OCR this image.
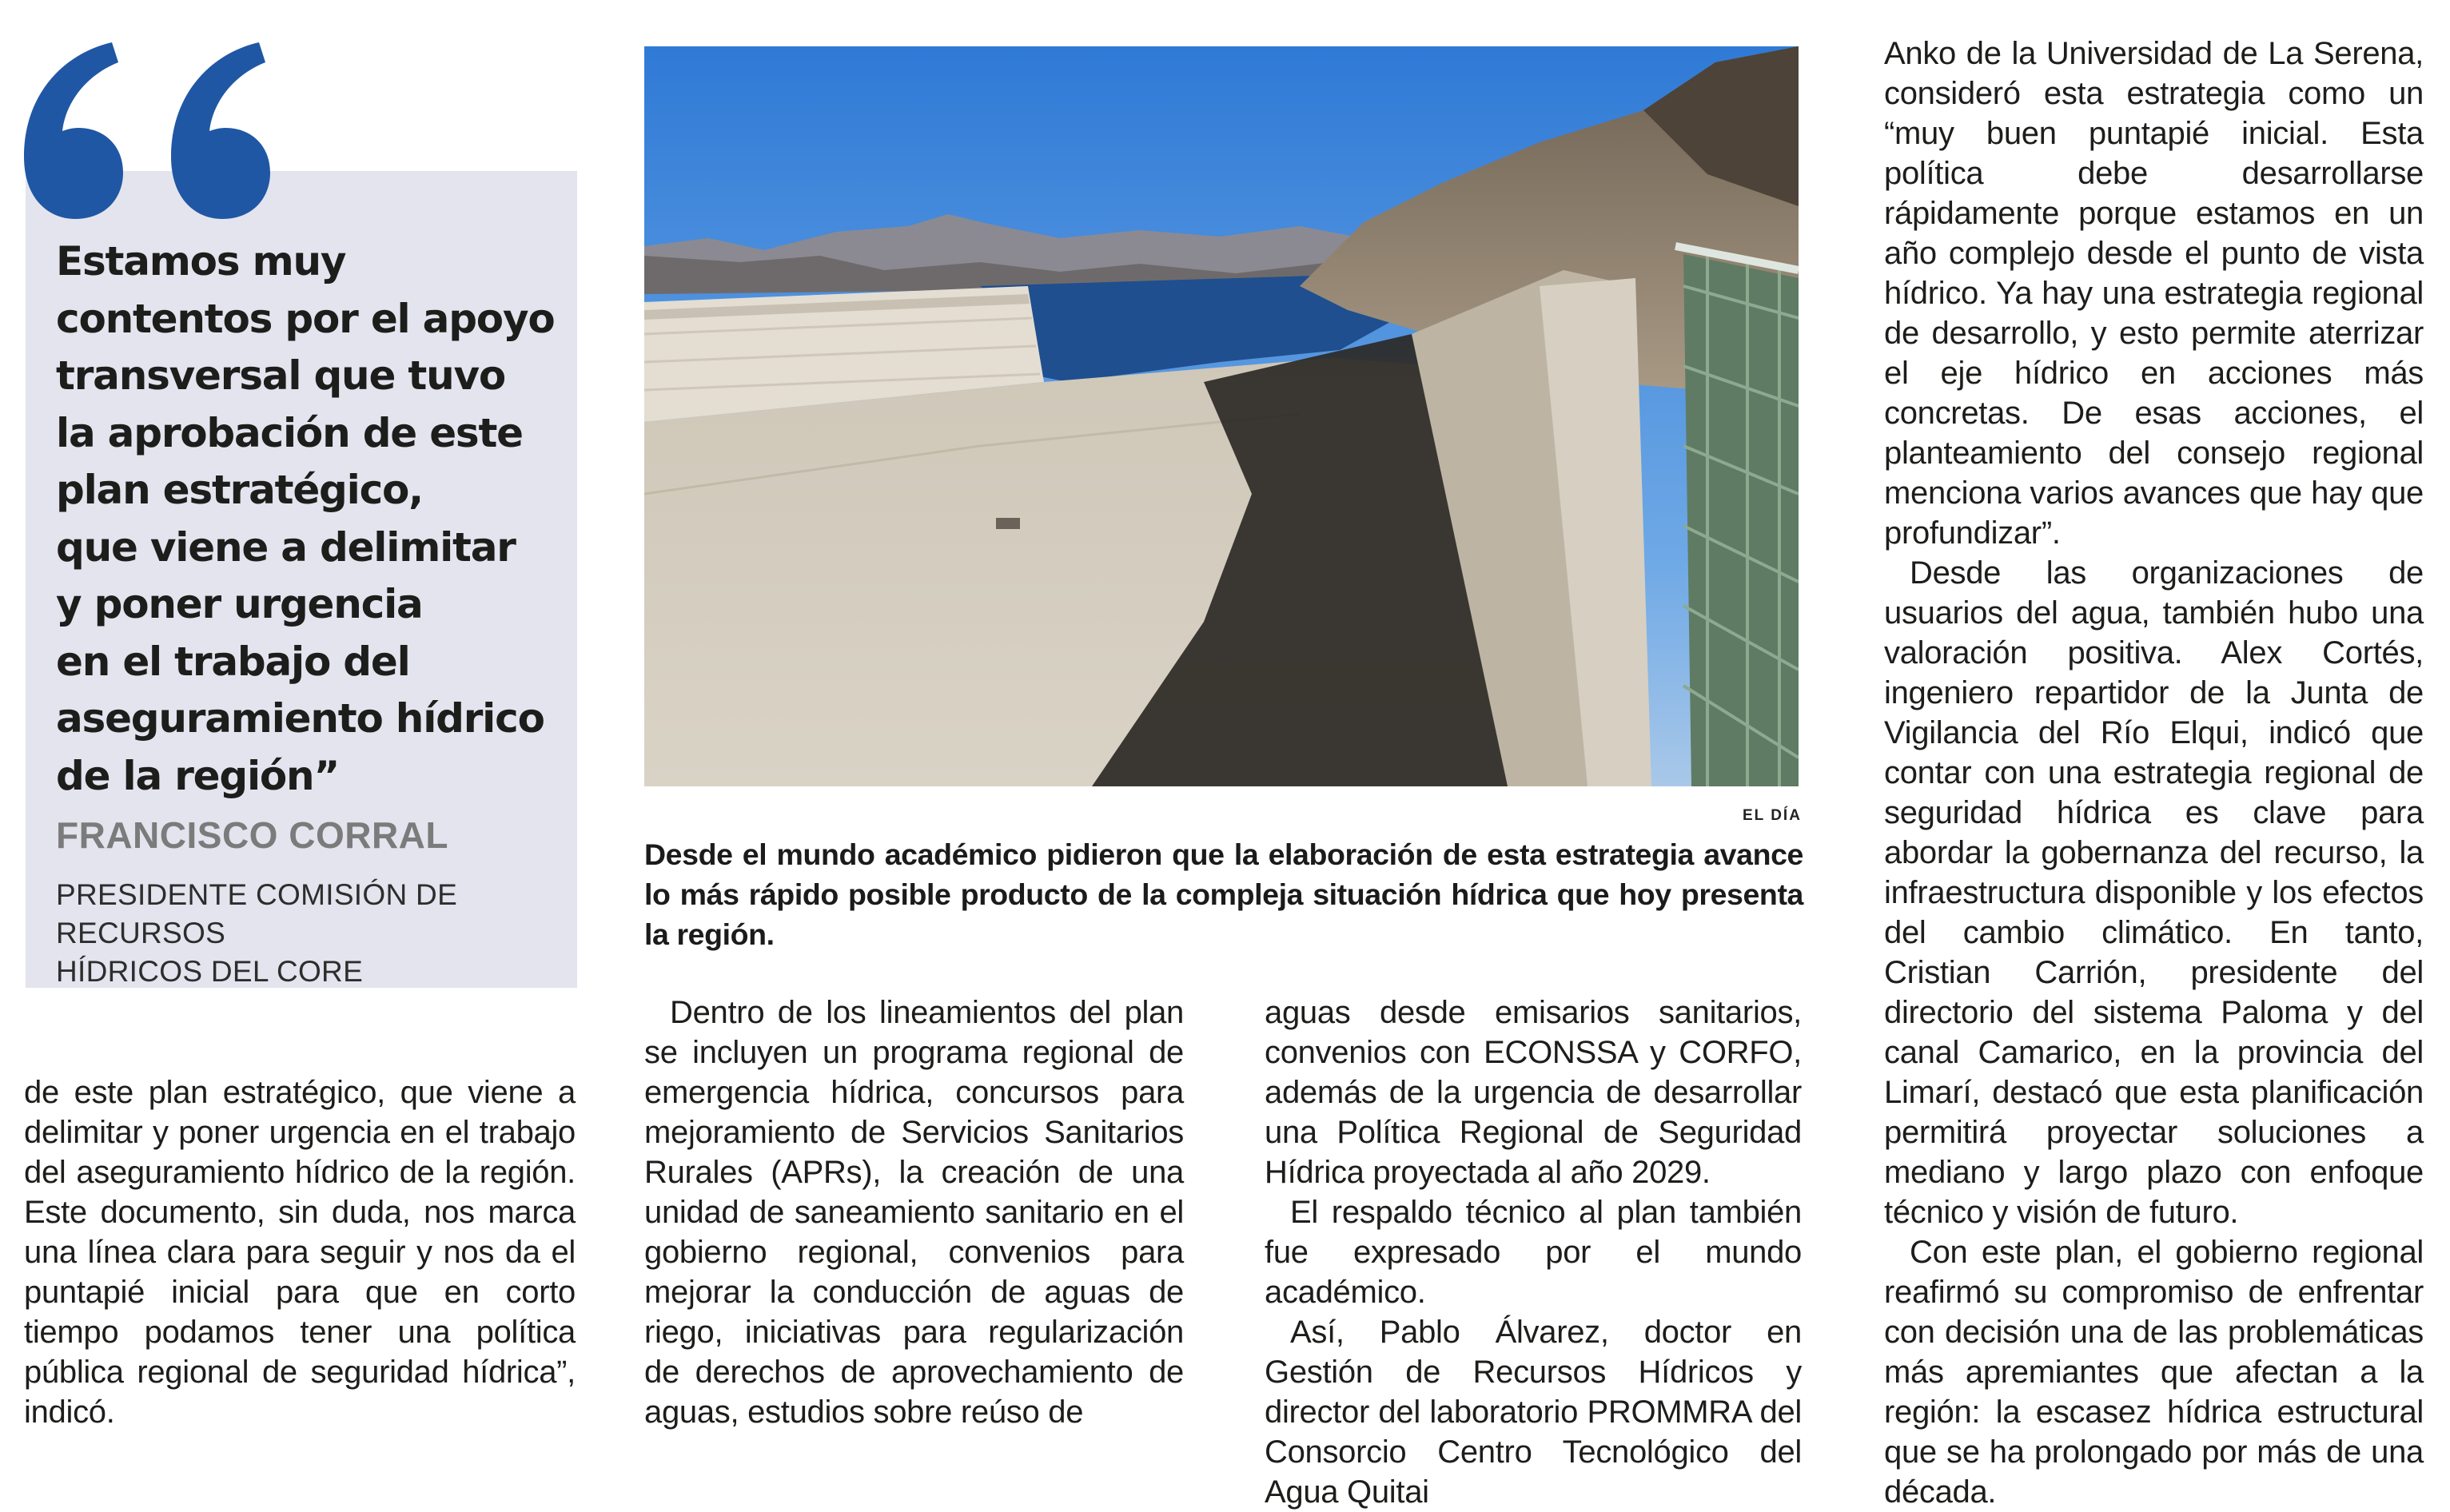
Estamos muy
contentos por el apoyo
transversal que tuvo
la aprobación de este
plan estratégico,
que viene a delimitar
y poner urgencia
en el trabajo del
aseguramiento hídrico
de la región”
FRANCISCO CORRAL
PRESIDENTE COMISIÓN DE RECURSOS
HÍDRICOS DEL CORE
EL DÍA
Desde el mundo académico pidieron que la elaboración de esta estrategia avance lo más rápido posible producto de la compleja situación hídrica que hoy presenta la región.

de este plan estratégico, que viene a delimitar y poner urgencia en el trabajo del aseguramiento hídrico de la región. Este documento, sin duda, nos marca una línea clara para seguir y nos da el puntapié inicial para que en corto tiempo podamos tener una política pública regional de seguridad hídrica”, indicó.

Dentro de los lineamientos del plan se incluyen un programa regional de emergencia hídrica, concursos para mejoramiento de Servicios Sanitarios Rurales (APRs), la creación de una unidad de saneamiento sanitario en el gobierno regional, convenios para mejorar la conducción de aguas de riego, iniciativas para regularización de derechos de aprovechamiento de aguas, estudios sobre reúso de

aguas desde emisarios sanitarios, convenios con ECONSSA y CORFO, además de la urgencia de desarrollar una Política Regional de Seguridad Hídrica proyectada al año 2029.

El respaldo técnico al plan también fue expresado por el mundo académico.

Así, Pablo Álvarez, doctor en Gestión de Recursos Hídricos y director del laboratorio PROMMRA del Consorcio Centro Tecnológico del Agua Quitai

Anko de la Universidad de La Serena, consideró esta estrategia como un “muy buen puntapié inicial. Esta política debe desarrollarse rápidamente porque estamos en un año complejo desde el punto de vista hídrico. Ya hay una estrategia regional de desarrollo, y esto permite aterrizar el eje hídrico en acciones más concretas. De esas acciones, el planteamiento del consejo regional menciona varios avances que hay que profundizar”.

Desde las organizaciones de usuarios del agua, también hubo una valoración positiva. Alex Cortés, ingeniero repartidor de la Junta de Vigilancia del Río Elqui, indicó que contar con una estrategia regional de seguridad hídrica es clave para abordar la gobernanza del recurso, la infraestructura disponible y los efectos del cambio climático. En tanto, Cristian Carrión, presidente del directorio del sistema Paloma y del canal Camarico, en la provincia del Limarí, destacó que esta planificación permitirá proyectar soluciones a mediano y largo plazo con enfoque técnico y visión de futuro.

Con este plan, el gobierno regional reafirmó su compromiso de enfrentar con decisión una de las problemáticas más apremiantes que afectan a la región: la escasez hídrica estructural que se ha prolongado por más de una década.
